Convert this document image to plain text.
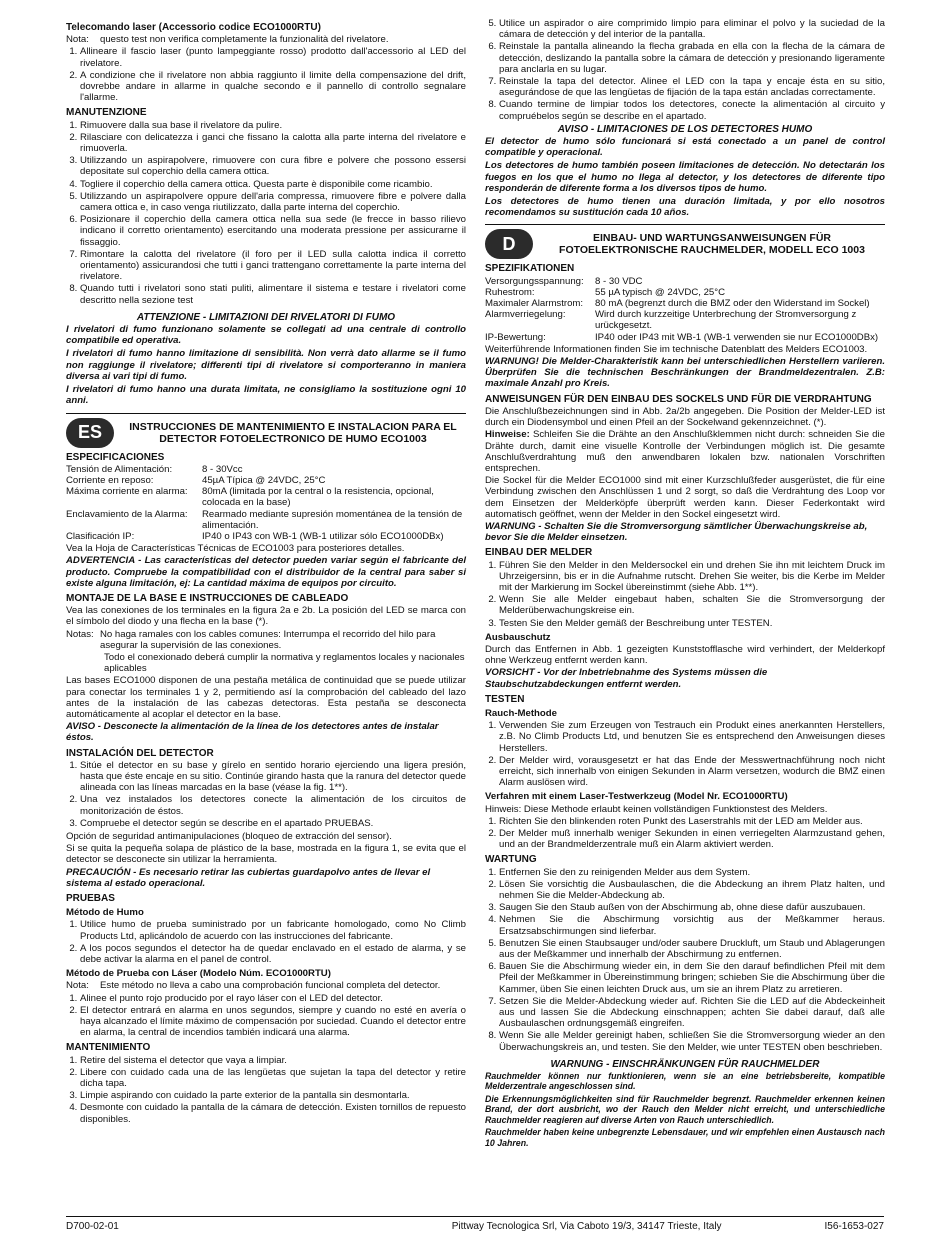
Telecomando laser (Accessorio codice ECO1000RTU)
Nota:	questo test non verifica completamente la funzionalità del rivelatore.
1. Allineare il fascio laser (punto lampeggiante rosso) prodotto dall'accessorio al LED del rivelatore.
2. A condizione che il rivelatore non abbia raggiunto il limite della compensazione del drift, dovrebbe andare in allarme in qualche secondo e il pannello di controllo segnalare l'allarme.
MANUTENZIONE
1. Rimuovere dalla sua base il rivelatore da pulire.
2. Rilasciare con delicatezza i ganci che fissano la calotta alla parte interna del rivelatore e rimuoverla.
3. Utilizzando un aspirapolvere, rimuovere con cura fibre e polvere che possono essersi depositate sul coperchio della camera ottica.
4. Togliere il coperchio della camera ottica. Questa parte è disponibile come ricambio.
5. Utilizzando un aspirapolvere oppure dell'aria compressa, rimuovere fibre e polvere dalla camera ottica e, in caso venga riutilizzato, dalla parte interna del coperchio.
6. Posizionare il coperchio della camera ottica nella sua sede (le frecce in basso rilievo indicano il corretto orientamento) esercitando una moderata pressione per assicurarne il fissaggio.
7. Rimontare la calotta del rivelatore (il foro per il LED sulla calotta indica il corretto orientamento) assicurandosi che tutti i ganci trattengano correttamente la parte interna del rivelatore.
8. Quando tutti i rivelatori sono stati puliti, alimentare il sistema e testare i rivelatori come descritto nella sezione test
ATTENZIONE - LIMITAZIONI DEI RIVELATORI DI FUMO
I rivelatori di fumo funzionano solamente se collegati ad una centrale di controllo compatibile ed operativa.
I rivelatori di fumo hanno limitazione di sensibilità. Non verrà dato allarme se il fumo non raggiunge il rivelatore; differenti tipi di rivelatore si comporteranno in maniera diversa ai vari tipi di fumo.
I rivelatori di fumo hanno una durata limitata, ne consigliamo la sostituzione ogni 10 anni.
ES	INSTRUCCIONES DE MANTENIMIENTO E INSTALACION PARA EL DETECTOR FOTOELECTRONICO DE HUMO ECO1003
ESPECIFICACIONES
Tensión de Alimentación:	8 - 30Vcc
Corriente en reposo:	45µA Típica @ 24VDC, 25°C
Máxima corriente en alarma:	80mA (limitada por la central o la resistencia, opcional, colocada en la base)
Enclavamiento de la Alarma:	Rearmado mediante supresión momentánea de la tensión de alimentación.
Clasificación IP:	IP40 o IP43 con WB-1 (WB-1 utilizar sólo ECO1000DBx)
Vea la Hoja de Características Técnicas de ECO1003 para posteriores detalles.
ADVERTENCIA - Las características del detector pueden variar según el fabricante del producto. Compruebe la compatibilidad con el distribuidor de la central para saber si existe alguna limitación, ej: La cantidad máxima de equipos por circuito.
MONTAJE DE LA BASE E INSTRUCCIONES DE CABLEADO
Vea las conexiones de los terminales en la figura 2a e 2b. La posición del LED se marca con el símbolo del diodo y una flecha en la base (*).
Notas: No haga ramales con los cables comunes: Interrumpa el recorrido del hilo para asegurar la supervisión de las conexiones.
Todo el conexionado deberá cumplir la normativa y reglamentos locales y nacionales aplicables
Las bases ECO1000 disponen de una pestaña metálica de continuidad que se puede utilizar para conectar los terminales 1 y 2, permitiendo así la comprobación del cableado del lazo antes de la instalación de las cabezas detectoras. Esta pestaña se desconecta automáticamente al acoplar el detector en la base.
AVISO - Desconecte la alimentación de la línea de los detectores antes de instalar éstos.
INSTALACIÓN DEL DETECTOR
1. Sitúe el detector en su base y gírelo en sentido horario ejerciendo una ligera presión, hasta que éste encaje en su sitio. Continúe girando hasta que la ranura del detector quede alineada con las líneas marcadas en la base (véase la fig. 1**).
2. Una vez instalados los detectores conecte la alimentación de los circuitos de monitorización de éstos.
3. Compruebe el detector según se describe en el apartado PRUEBAS.
Opción de seguridad antimanipulaciones (bloqueo de extracción del sensor).
Si se quita la pequeña solapa de plástico de la base, mostrada en la figura 1, se evita que el detector se desconecte sin utilizar la herramienta.
PRECAUCIÓN - Es necesario retirar las cubiertas guardapolvo antes de llevar el sistema al estado operacional.
PRUEBAS
Método de Humo
1. Utilice humo de prueba suministrado por un fabricante homologado, como No Climb Products Ltd, aplicándolo de acuerdo con las instrucciones del fabricante.
2. A los pocos segundos el detector ha de quedar enclavado en el estado de alarma, y se debe activar la alarma en el panel de control.
Método de Prueba con Láser (Modelo Núm. ECO1000RTU)
Nota:	Este método no lleva a cabo una comprobación funcional completa del detector.
1. Alinee el punto rojo producido por el rayo láser con el LED del detector.
2. El detector entrará en alarma en unos segundos, siempre y cuando no esté en avería o haya alcanzado el límite máximo de compensación por suciedad. Cuando el detector entre en alarma, la central de incendios también indicará una alarma.
MANTENIMIENTO
1. Retire del sistema el detector que vaya a limpiar.
2. Libere con cuidado cada una de las lengüetas que sujetan la tapa del detector y retire dicha tapa.
3. Limpie aspirando con cuidado la parte exterior de la pantalla sin desmontarla.
4. Desmonte con cuidado la pantalla de la cámara de detección. Existen tornillos de repuesto disponibles.
5. Utilice un aspirador o aire comprimido limpio para eliminar el polvo y la suciedad de la cámara de detección y del interior de la pantalla.
6. Reinstale la pantalla alineando la flecha grabada en ella con la flecha de la cámara de detección, deslizando la pantalla sobre la cámara de detección y presionando ligeramente para anclarla en su lugar.
7. Reinstale la tapa del detector. Alinee el LED con la tapa y encaje ésta en su sitio, asegurándose de que las lengüetas de fijación de la tapa están ancladas correctamente.
8. Cuando termine de limpiar todos los detectores, conecte la alimentación al circuito y compruébelos según se describe en el apartado.
AVISO - LIMITACIONES DE LOS DETECTORES HUMO
El detector de humo sólo funcionará si está conectado a un panel de control compatible y operacional.
Los detectores de humo también poseen limitaciones de detección. No detectarán los fuegos en los que el humo no llega al detector, y los detectores de diferente tipo responderán de diferente forma a los diversos tipos de humo.
Los detectores de humo tienen una duración limitada, y por ello nosotros recomendamos su sustitución cada 10 años.
D	EINBAU- UND WARTUNGSANWEISUNGEN FÜR FOTOELEKTRONISCHE RAUCHMELDER, MODELL ECO 1003
SPEZIFIKATIONEN
Versorgungsspannung:	8 - 30 VDC
Ruhestrom:	55 µA typisch @ 24VDC, 25°C
Maximaler Alarmstrom:	80 mA (begrenzt durch die BMZ oder den Widerstand im Sockel)
Alarmverriegelung:	Wird durch kurzzeitige Unterbrechung der Stromversorgung z urückgesetzt.
IP-Bewertung:	IP40 oder IP43 mit WB-1 (WB-1 verwenden sie nur ECO1000DBx)
Weiterführende Informationen finden Sie im technische Datenblatt des Melders ECO1003.
WARNUNG! Die Melder-Charakteristik kann bei unterschiedlichen Herstellern variieren. Überprüfen Sie die technischen Beschränkungen der Brandmeldezentralen. Z.B: maximale Anzahl pro Kreis.
ANWEISUNGEN FÜR DEN EINBAU DES SOCKELS UND FÜR DIE VERDRAHTUNG
Die Anschlußbezeichnungen sind in Abb. 2a/2b angegeben. Die Position der Melder-LED ist durch ein Diodensymbol und einen Pfeil an der Sockelwand gekennzeichnet. (*).
Hinweise: Schleifen Sie die Drähte an den Anschlußklemmen nicht durch: schneiden Sie die Drähte durch, damit eine visuelle Kontrolle der Verbindungen möglich ist. Die gesamte Anschlußverdrahtung muß den anwendbaren lokalen bzw. nationalen Vorschriften entsprechen.
Die Sockel für die Melder ECO1000 sind mit einer Kurzschlußfeder ausgerüstet, die für eine Verbindung zwischen den Anschlüssen 1 und 2 sorgt, so daß die Verdrahtung des Loop vor dem Einsetzen der Melderköpfe überprüft werden kann. Dieser Federkontakt wird automatisch geöffnet, wenn der Melder in den Sockel eingesetzt wird.
WARNUNG - Schalten Sie die Stromversorgung sämtlicher Überwachungskreise ab, bevor Sie die Melder einsetzen.
EINBAU DER MELDER
1. Führen Sie den Melder in den Meldersockel ein und drehen Sie ihn mit leichtem Druck im Uhrzeigersinn, bis er in die Aufnahme rutscht. Drehen Sie weiter, bis die Kerbe im Melder mit der Markierung im Sockel übereinstimmt (siehe Abb. 1**).
2. Wenn Sie alle Melder eingebaut haben, schalten Sie die Stromversorgung der Melderüberwachungskreise ein.
3. Testen Sie den Melder gemäß der Beschreibung unter TESTEN.
Ausbauschutz
Durch das Entfernen in Abb. 1 gezeigten Kunststofflasche wird verhindert, der Melderkopf ohne Werkzeug entfernt werden kann.
VORSICHT - Vor der Inbetriebnahme des Systems müssen die Staubschutzabdeckungen entfernt werden.
TESTEN
Rauch-Methode
1. Verwenden Sie zum Erzeugen von Testrauch ein Produkt eines anerkannten Herstellers, z.B. No Climb Products Ltd, und benutzen Sie es entsprechend den Anweisungen dieses Herstellers.
2. Der Melder wird, vorausgesetzt er hat das Ende der Messwertnachführung noch nicht erreicht, sich innerhalb von einigen Sekunden in Alarm versetzen, wodurch die BMZ einen Alarm auslösen wird.
Verfahren mit einem Laser-Testwerkzeug (Model Nr. ECO1000RTU)
Hinweis: Diese Methode erlaubt keinen vollständigen Funktionstest des Melders.
1. Richten Sie den blinkenden roten Punkt des Laserstrahls mit der LED am Melder aus.
2. Der Melder muß innerhalb weniger Sekunden in einen verriegelten Alarmzustand gehen, und an der Brandmelderzentrale muß ein Alarm aktiviert werden.
WARTUNG
1. Entfernen Sie den zu reinigenden Melder aus dem System.
2. Lösen Sie vorsichtig die Ausbaulaschen, die die Abdeckung an ihrem Platz halten, und nehmen Sie die Melder-Abdeckung ab.
3. Saugen Sie den Staub außen von der Abschirmung ab, ohne diese dafür auszubauen.
4. Nehmen Sie die Abschirmung vorsichtig aus der Meßkammer heraus. Ersatzsabschirmungen sind lieferbar.
5. Benutzen Sie einen Staubsauger und/oder saubere Druckluft, um Staub und Ablagerungen aus der Meßkammer und innerhalb der Abschirmung zu entfernen.
6. Bauen Sie die Abschirmung wieder ein, in dem Sie den darauf befindlichen Pfeil mit dem Pfeil der Meßkammer in Übereinstimmung bringen; schieben Sie die Abschirmung über die Kammer, üben Sie einen leichten Druck aus, um sie an ihrem Platz zu arretieren.
7. Setzen Sie die Melder-Abdeckung wieder auf. Richten Sie die LED auf die Abdeckeinheit aus und lassen Sie die Abdeckung einschnappen; achten Sie dabei darauf, daß alle Ausbaulaschen ordnungsgemäß eingreifen.
8. Wenn Sie alle Melder gereinigt haben, schließen Sie die Stromversorgung wieder an den Überwachungskreis an, und testen. Sie den Melder, wie unter TESTEN oben beschrieben.
WARNUNG - EINSCHRÄNKUNGEN FÜR RAUCHMELDER
Rauchmelder können nur funktionieren, wenn sie an eine betriebsbereite, kompatible Melderzentrale angeschlossen sind.
Die Erkennungsmöglichkeiten sind für Rauchmelder begrenzt. Rauchmelder erkennen keinen Brand, der dort ausbricht, wo der Rauch den Melder nicht erreicht, und unterschiedliche Rauchmelder reagieren auf diverse Arten von Rauch unterschiedlich.
Rauchmelder haben keine unbegrenzte Lebensdauer, und wir empfehlen einen Austausch nach 10 Jahren.
D700-02-01	Pittway Tecnologica Srl, Via Caboto 19/3, 34147 Trieste, Italy	I56-1653-027
